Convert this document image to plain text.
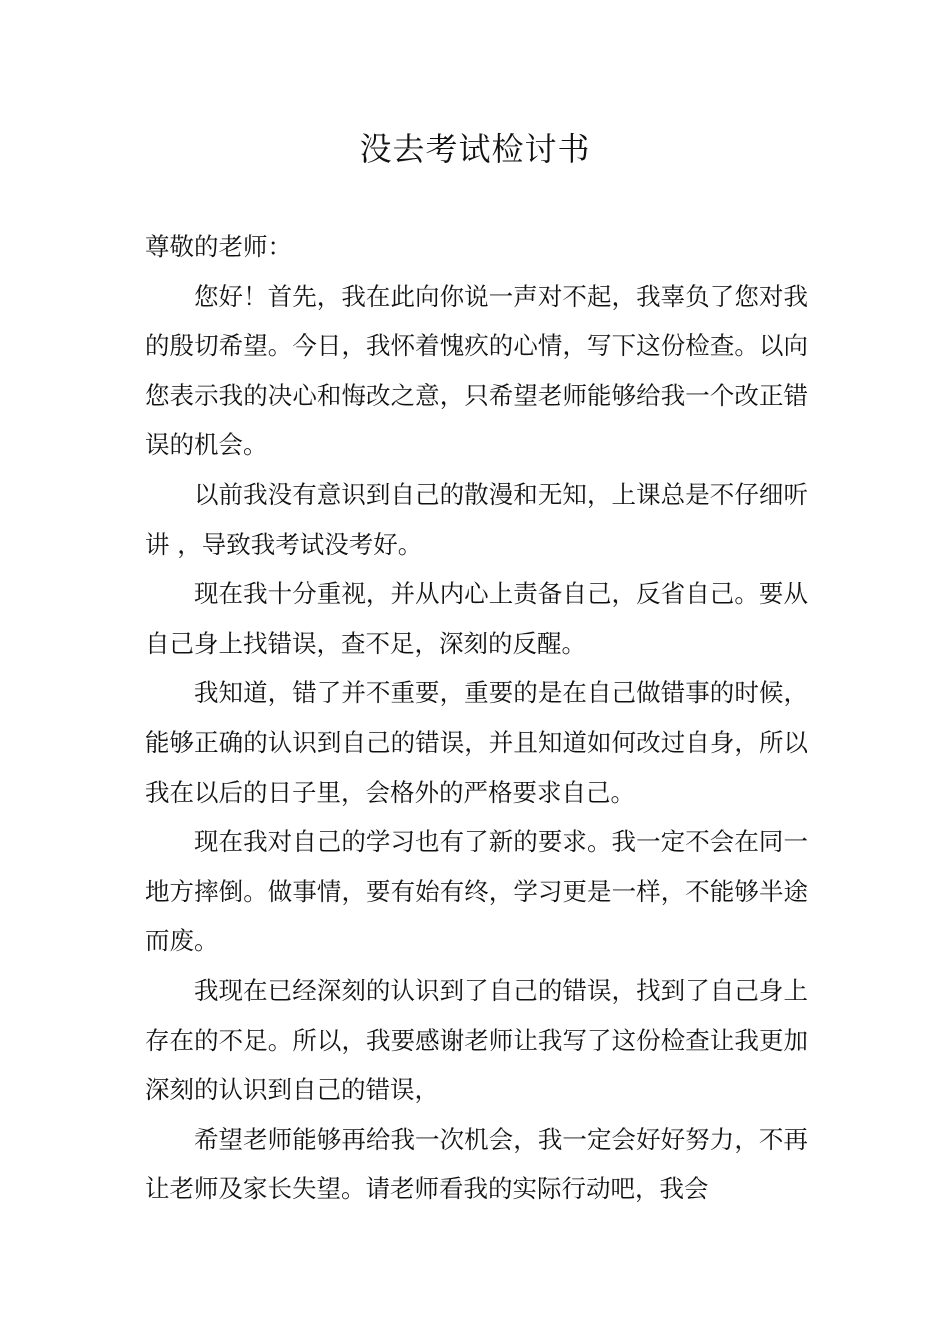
没去考试检讨书

尊敬的老师：

您好！首先，我在此向你说一声对不起，我辜负了您对我的殷切希望。今日，我怀着愧疚的心情，写下这份检查。以向您表示我的决心和悔改之意，只希望老师能够给我一个改正错误的机会。

以前我没有意识到自己的散漫和无知，上课总是不仔细听讲 ，导致我考试没考好。

现在我十分重视，并从内心上责备自己，反省自己。要从自己身上找错误，查不足，深刻的反醒。

我知道，错了并不重要，重要的是在自己做错事的时候，能够正确的认识到自己的错误，并且知道如何改过自身，所以我在以后的日子里，会格外的严格要求自己。

现在我对自己的学习也有了新的要求。我一定不会在同一地方摔倒。做事情，要有始有终，学习更是一样，不能够半途而废。

我现在已经深刻的认识到了自己的错误，找到了自己身上存在的不足。所以，我要感谢老师让我写了这份检查让我更加深刻的认识到自己的错误，

希望老师能够再给我一次机会，我一定会好好努力，不再让老师及家长失望。请老师看我的实际行动吧，我会
